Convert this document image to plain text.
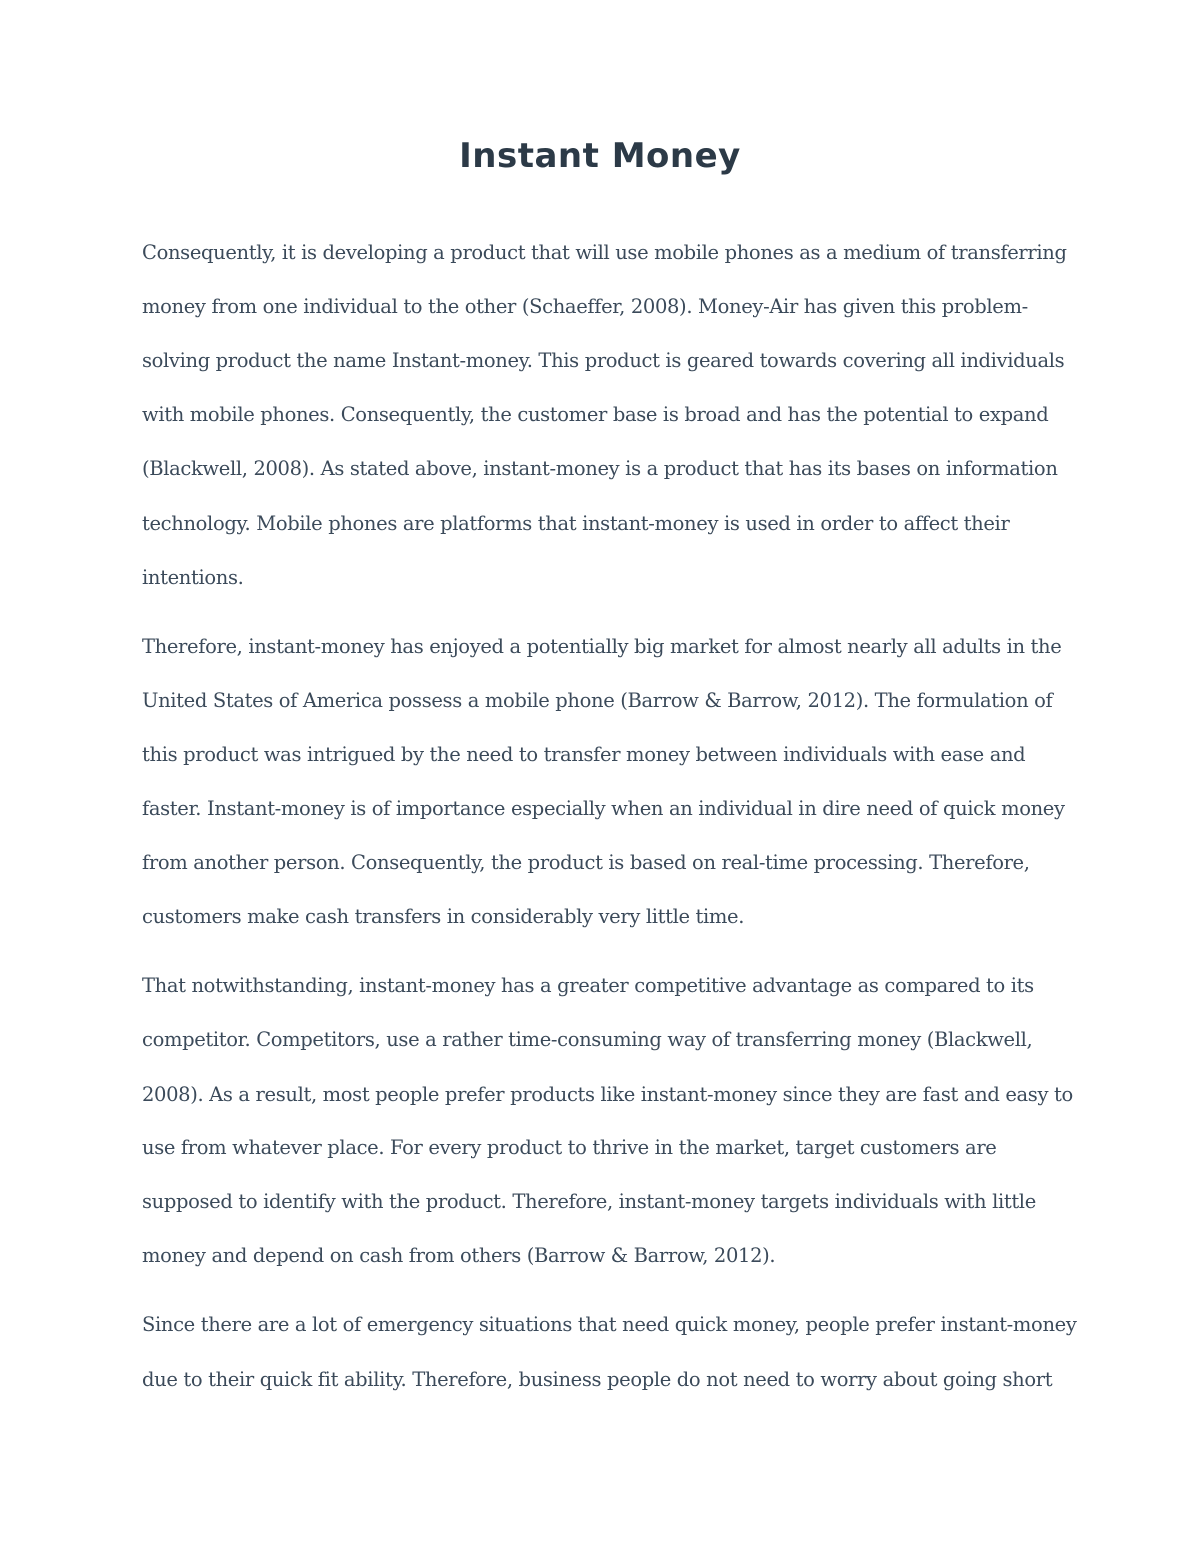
Instant Money

Consequently, it is developing a product that will use mobile phones as a medium of transferring

money from one individual to the other (Schaeffer, 2008). Money-Air has given this problem-

solving product the name Instant-money. This product is geared towards covering all individuals

with mobile phones. Consequently, the customer base is broad and has the potential to expand

(Blackwell, 2008). As stated above, instant-money is a product that has its bases on information

technology. Mobile phones are platforms that instant-money is used in order to affect their

intentions.

Therefore, instant-money has enjoyed a potentially big market for almost nearly all adults in the

United States of America possess a mobile phone (Barrow & Barrow, 2012). The formulation of

this product was intrigued by the need to transfer money between individuals with ease and

faster. Instant-money is of importance especially when an individual in dire need of quick money

from another person. Consequently, the product is based on real-time processing. Therefore,

customers make cash transfers in considerably very little time.

That notwithstanding, instant-money has a greater competitive advantage as compared to its

competitor. Competitors, use a rather time-consuming way of transferring money (Blackwell,

2008). As a result, most people prefer products like instant-money since they are fast and easy to

use from whatever place. For every product to thrive in the market, target customers are

supposed to identify with the product. Therefore, instant-money targets individuals with little

money and depend on cash from others (Barrow & Barrow, 2012).

Since there are a lot of emergency situations that need quick money, people prefer instant-money

due to their quick fit ability. Therefore, business people do not need to worry about going short
